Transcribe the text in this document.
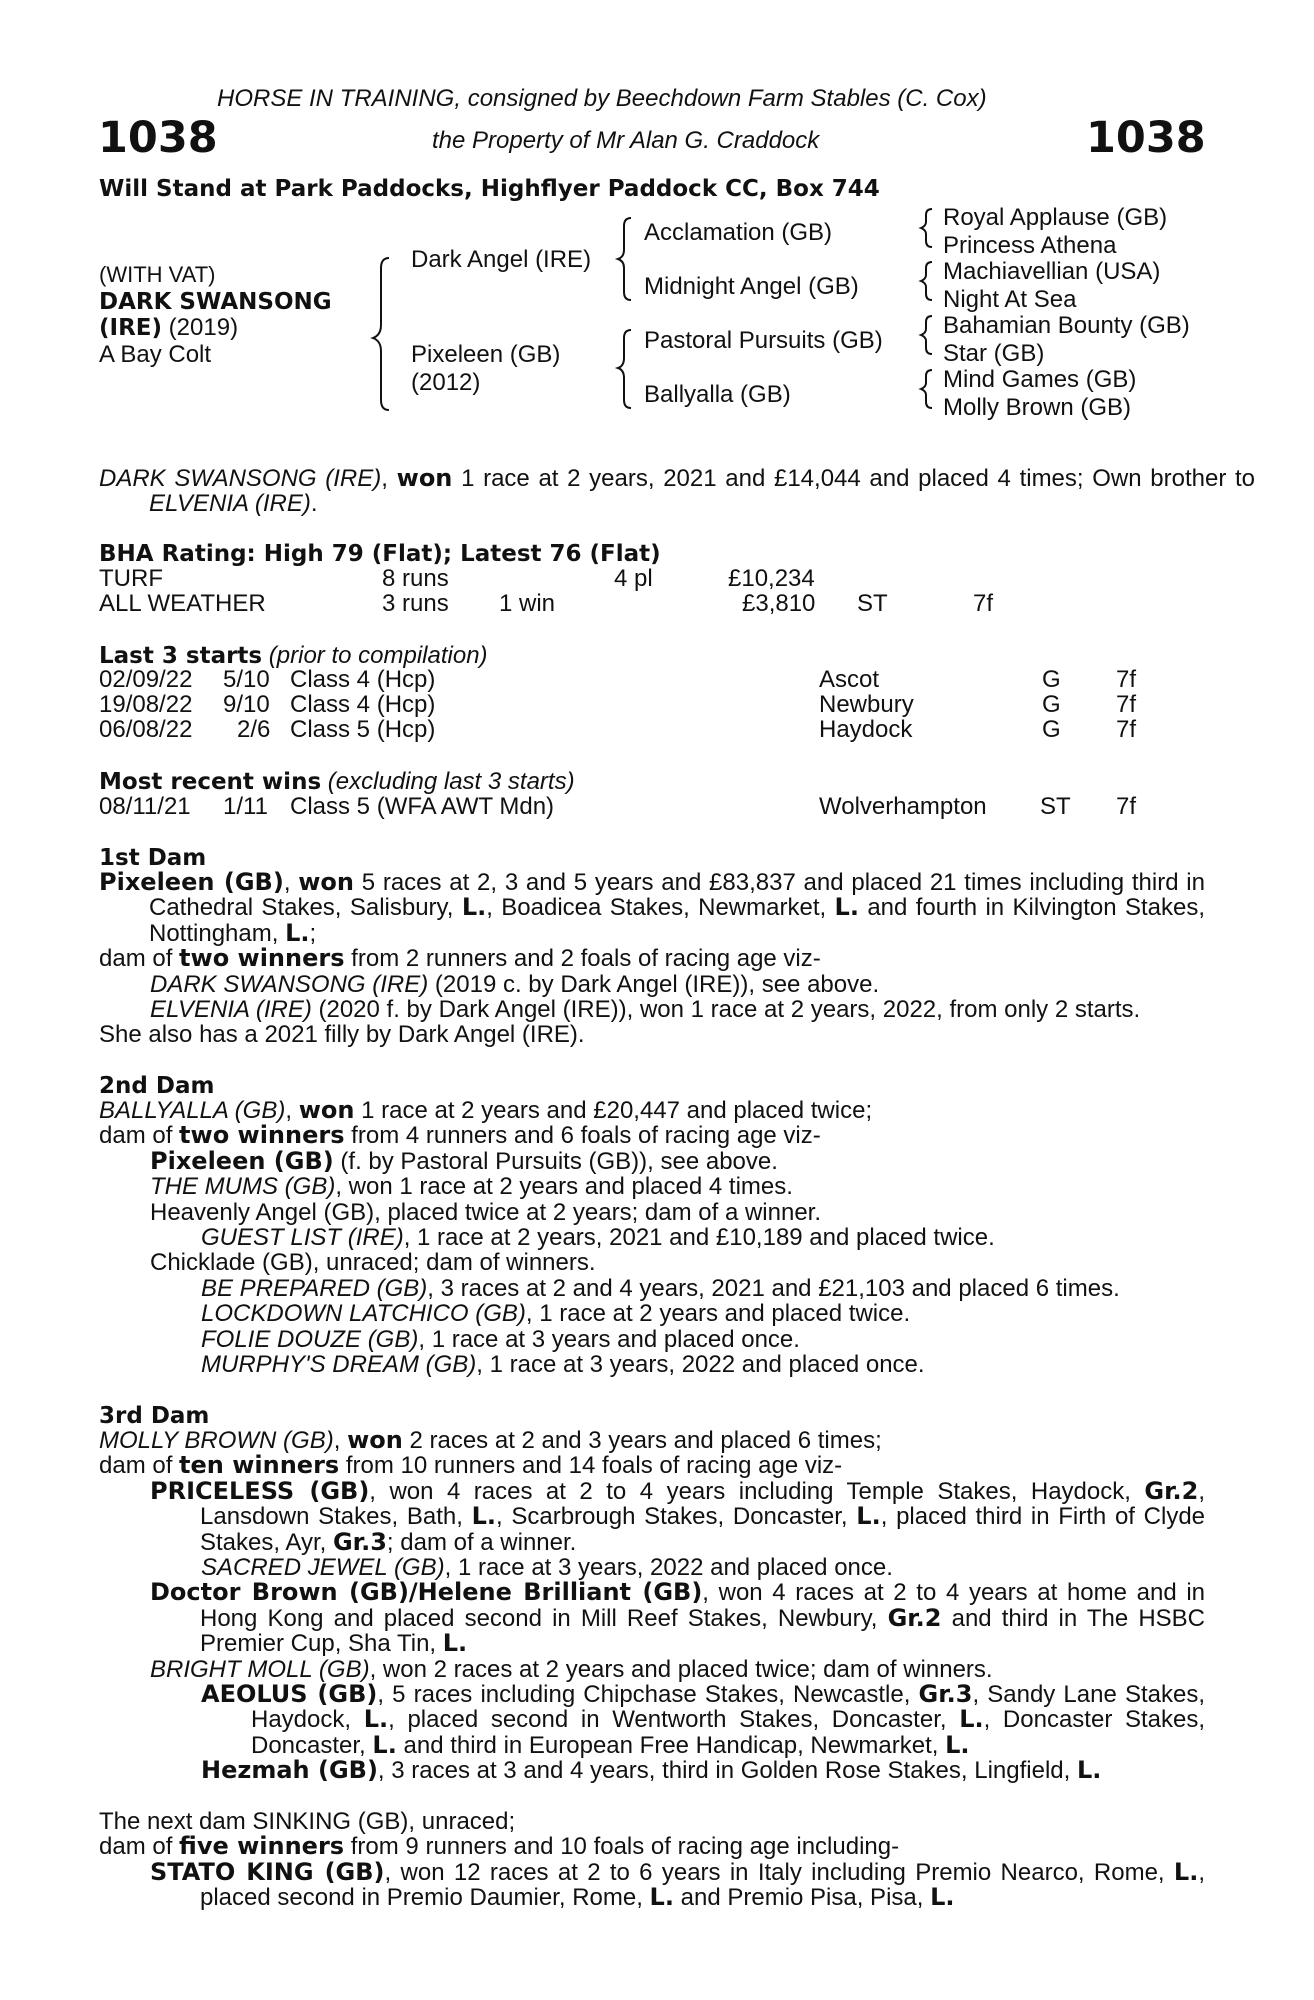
HORSE IN TRAINING, consigned by Beechdown Farm Stables (C. Cox)
1038	the Property of Mr Alan G. Craddock	1038
Will Stand at Park Paddocks, Highflyer Paddock CC, Box 744
(WITH VAT)
DARK SWANSONG
(IRE) (2019)
A Bay Colt
Dark Angel (IRE)
Pixeleen (GB)
(2012)
Acclamation (GB)
Midnight Angel (GB)
Pastoral Pursuits (GB)
Ballyalla (GB)
Royal Applause (GB)
Princess Athena
Machiavellian (USA)
Night At Sea
Bahamian Bounty (GB)
Star (GB)
Mind Games (GB)
Molly Brown (GB)
DARK SWANSONG (IRE), won 1 race at 2 years, 2021 and £14,044 and placed 4 times; Own brother to ELVENIA (IRE).
BHA Rating: High 79 (Flat); Latest 76 (Flat)
TURF	8 runs	4 pl	£10,234
ALL WEATHER	3 runs 1 win	£3,810 ST	7f
Last 3 starts (prior to compilation)
02/09/22 5/10 Class 4 (Hcp)	Ascot	G 7f
19/08/22 9/10 Class 4 (Hcp)	Newbury	G 7f
06/08/22 2/6 Class 5 (Hcp)	Haydock	G 7f
Most recent wins (excluding last 3 starts)
08/11/21 1/11 Class 5 (WFA AWT Mdn)	Wolverhampton ST 7f
1st Dam
Pixeleen (GB), won 5 races at 2, 3 and 5 years and £83,837 and placed 21 times including third in Cathedral Stakes, Salisbury, L., Boadicea Stakes, Newmarket, L. and fourth in Kilvington Stakes, Nottingham, L.;
dam of two winners from 2 runners and 2 foals of racing age viz-
DARK SWANSONG (IRE) (2019 c. by Dark Angel (IRE)), see above.
ELVENIA (IRE) (2020 f. by Dark Angel (IRE)), won 1 race at 2 years, 2022, from only 2 starts.
She also has a 2021 filly by Dark Angel (IRE).
2nd Dam
BALLYALLA (GB), won 1 race at 2 years and £20,447 and placed twice;
dam of two winners from 4 runners and 6 foals of racing age viz-
Pixeleen (GB) (f. by Pastoral Pursuits (GB)), see above.
THE MUMS (GB), won 1 race at 2 years and placed 4 times.
Heavenly Angel (GB), placed twice at 2 years; dam of a winner.
GUEST LIST (IRE), 1 race at 2 years, 2021 and £10,189 and placed twice.
Chicklade (GB), unraced; dam of winners.
BE PREPARED (GB), 3 races at 2 and 4 years, 2021 and £21,103 and placed 6 times.
LOCKDOWN LATCHICO (GB), 1 race at 2 years and placed twice.
FOLIE DOUZE (GB), 1 race at 3 years and placed once.
MURPHY'S DREAM (GB), 1 race at 3 years, 2022 and placed once.
3rd Dam
MOLLY BROWN (GB), won 2 races at 2 and 3 years and placed 6 times;
dam of ten winners from 10 runners and 14 foals of racing age viz-
PRICELESS (GB), won 4 races at 2 to 4 years including Temple Stakes, Haydock, Gr.2, Lansdown Stakes, Bath, L., Scarbrough Stakes, Doncaster, L., placed third in Firth of Clyde Stakes, Ayr, Gr.3; dam of a winner.
SACRED JEWEL (GB), 1 race at 3 years, 2022 and placed once.
Doctor Brown (GB)/Helene Brilliant (GB), won 4 races at 2 to 4 years at home and in Hong Kong and placed second in Mill Reef Stakes, Newbury, Gr.2 and third in The HSBC Premier Cup, Sha Tin, L.
BRIGHT MOLL (GB), won 2 races at 2 years and placed twice; dam of winners.
AEOLUS (GB), 5 races including Chipchase Stakes, Newcastle, Gr.3, Sandy Lane Stakes, Haydock, L., placed second in Wentworth Stakes, Doncaster, L., Doncaster Stakes, Doncaster, L. and third in European Free Handicap, Newmarket, L.
Hezmah (GB), 3 races at 3 and 4 years, third in Golden Rose Stakes, Lingfield, L.
The next dam SINKING (GB), unraced;
dam of five winners from 9 runners and 10 foals of racing age including-
STATO KING (GB), won 12 races at 2 to 6 years in Italy including Premio Nearco, Rome, L., placed second in Premio Daumier, Rome, L. and Premio Pisa, Pisa, L.
